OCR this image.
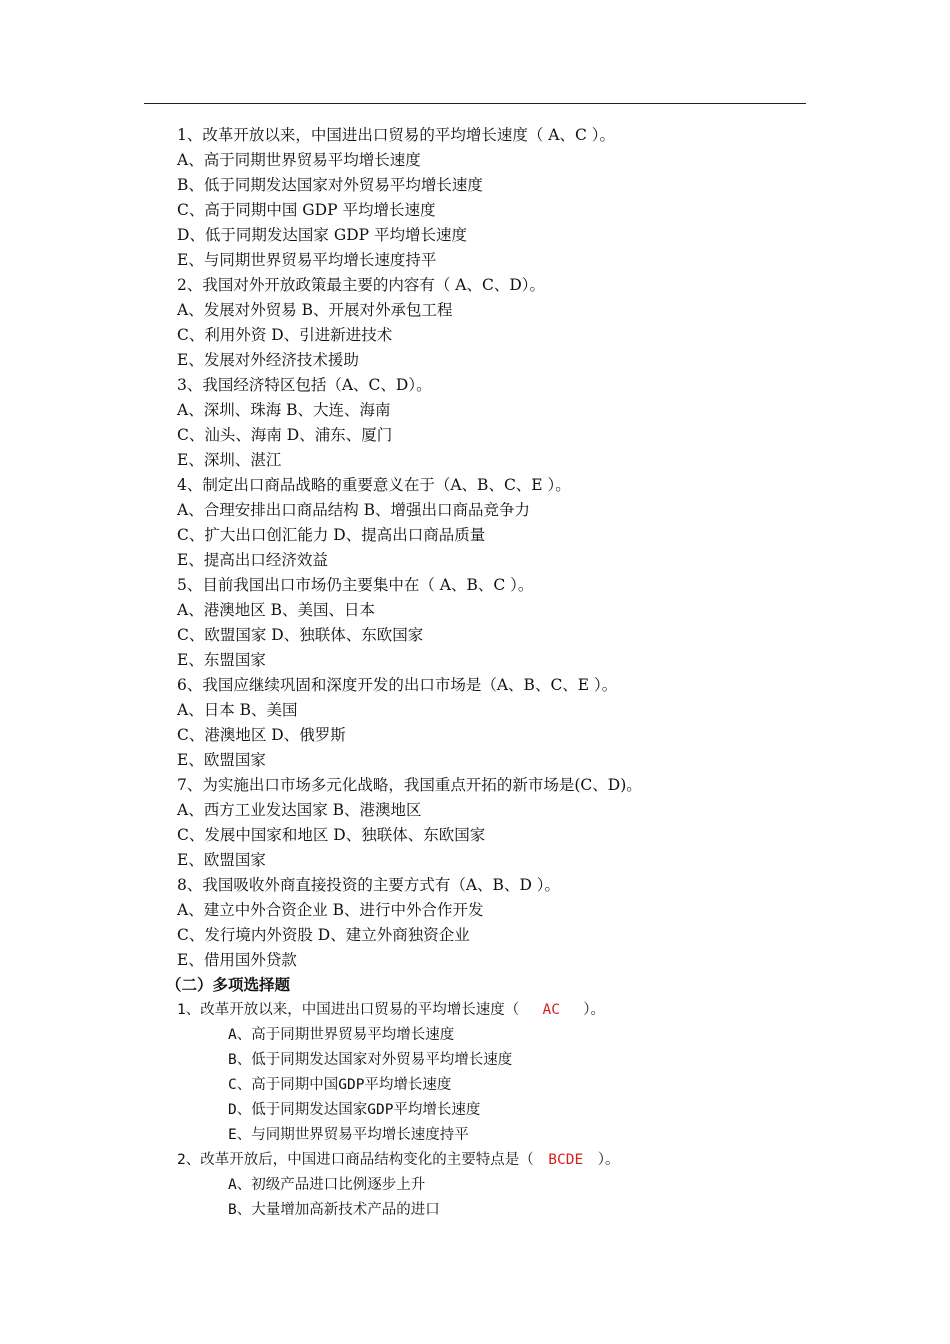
1、改革开放以来，中国进出口贸易的平均增长速度（ A、C ）。
A、高于同期世界贸易平均增长速度
B、低于同期发达国家对外贸易平均增长速度
C、高于同期中国 GDP 平均增长速度
D、低于同期发达国家 GDP 平均增长速度
E、与同期世界贸易平均增长速度持平
2、我国对外开放政策最主要的内容有（ A、C、D）。
A、发展对外贸易 B、开展对外承包工程
C、利用外资 D、引进新进技术
E、发展对外经济技术援助
3、我国经济特区包括（A、C、D）。
A、深圳、珠海 B、大连、海南
C、汕头、海南 D、浦东、厦门
E、深圳、湛江
4、制定出口商品战略的重要意义在于（A、B、C、E ）。
A、合理安排出口商品结构 B、增强出口商品竞争力
C、扩大出口创汇能力 D、提高出口商品质量
E、提高出口经济效益
5、目前我国出口市场仍主要集中在（ A、B、C ）。
A、港澳地区 B、美国、日本
C、欧盟国家 D、独联体、东欧国家
E、东盟国家
6、我国应继续巩固和深度开发的出口市场是（A、B、C、E ）。
A、日本 B、美国
C、港澳地区 D、俄罗斯
E、欧盟国家
7、为实施出口市场多元化战略，我国重点开拓的新市场是(C、D)。
A、西方工业发达国家 B、港澳地区
C、发展中国家和地区 D、独联体、东欧国家
E、欧盟国家
8、我国吸收外商直接投资的主要方式有（A、B、D ）。
A、建立中外合资企业 B、进行中外合作开发
C、发行境内外资股 D、建立外商独资企业
E、借用国外贷款
（二）多项选择题
1、改革开放以来，中国进出口贸易的平均增长速度（ AC ）。
A、高于同期世界贸易平均增长速度
B、低于同期发达国家对外贸易平均增长速度
C、高于同期中国GDP平均增长速度
D、低于同期发达国家GDP平均增长速度
E、与同期世界贸易平均增长速度持平
2、改革开放后，中国进口商品结构变化的主要特点是（ BCDE ）。
A、初级产品进口比例逐步上升
B、大量增加高新技术产品的进口
